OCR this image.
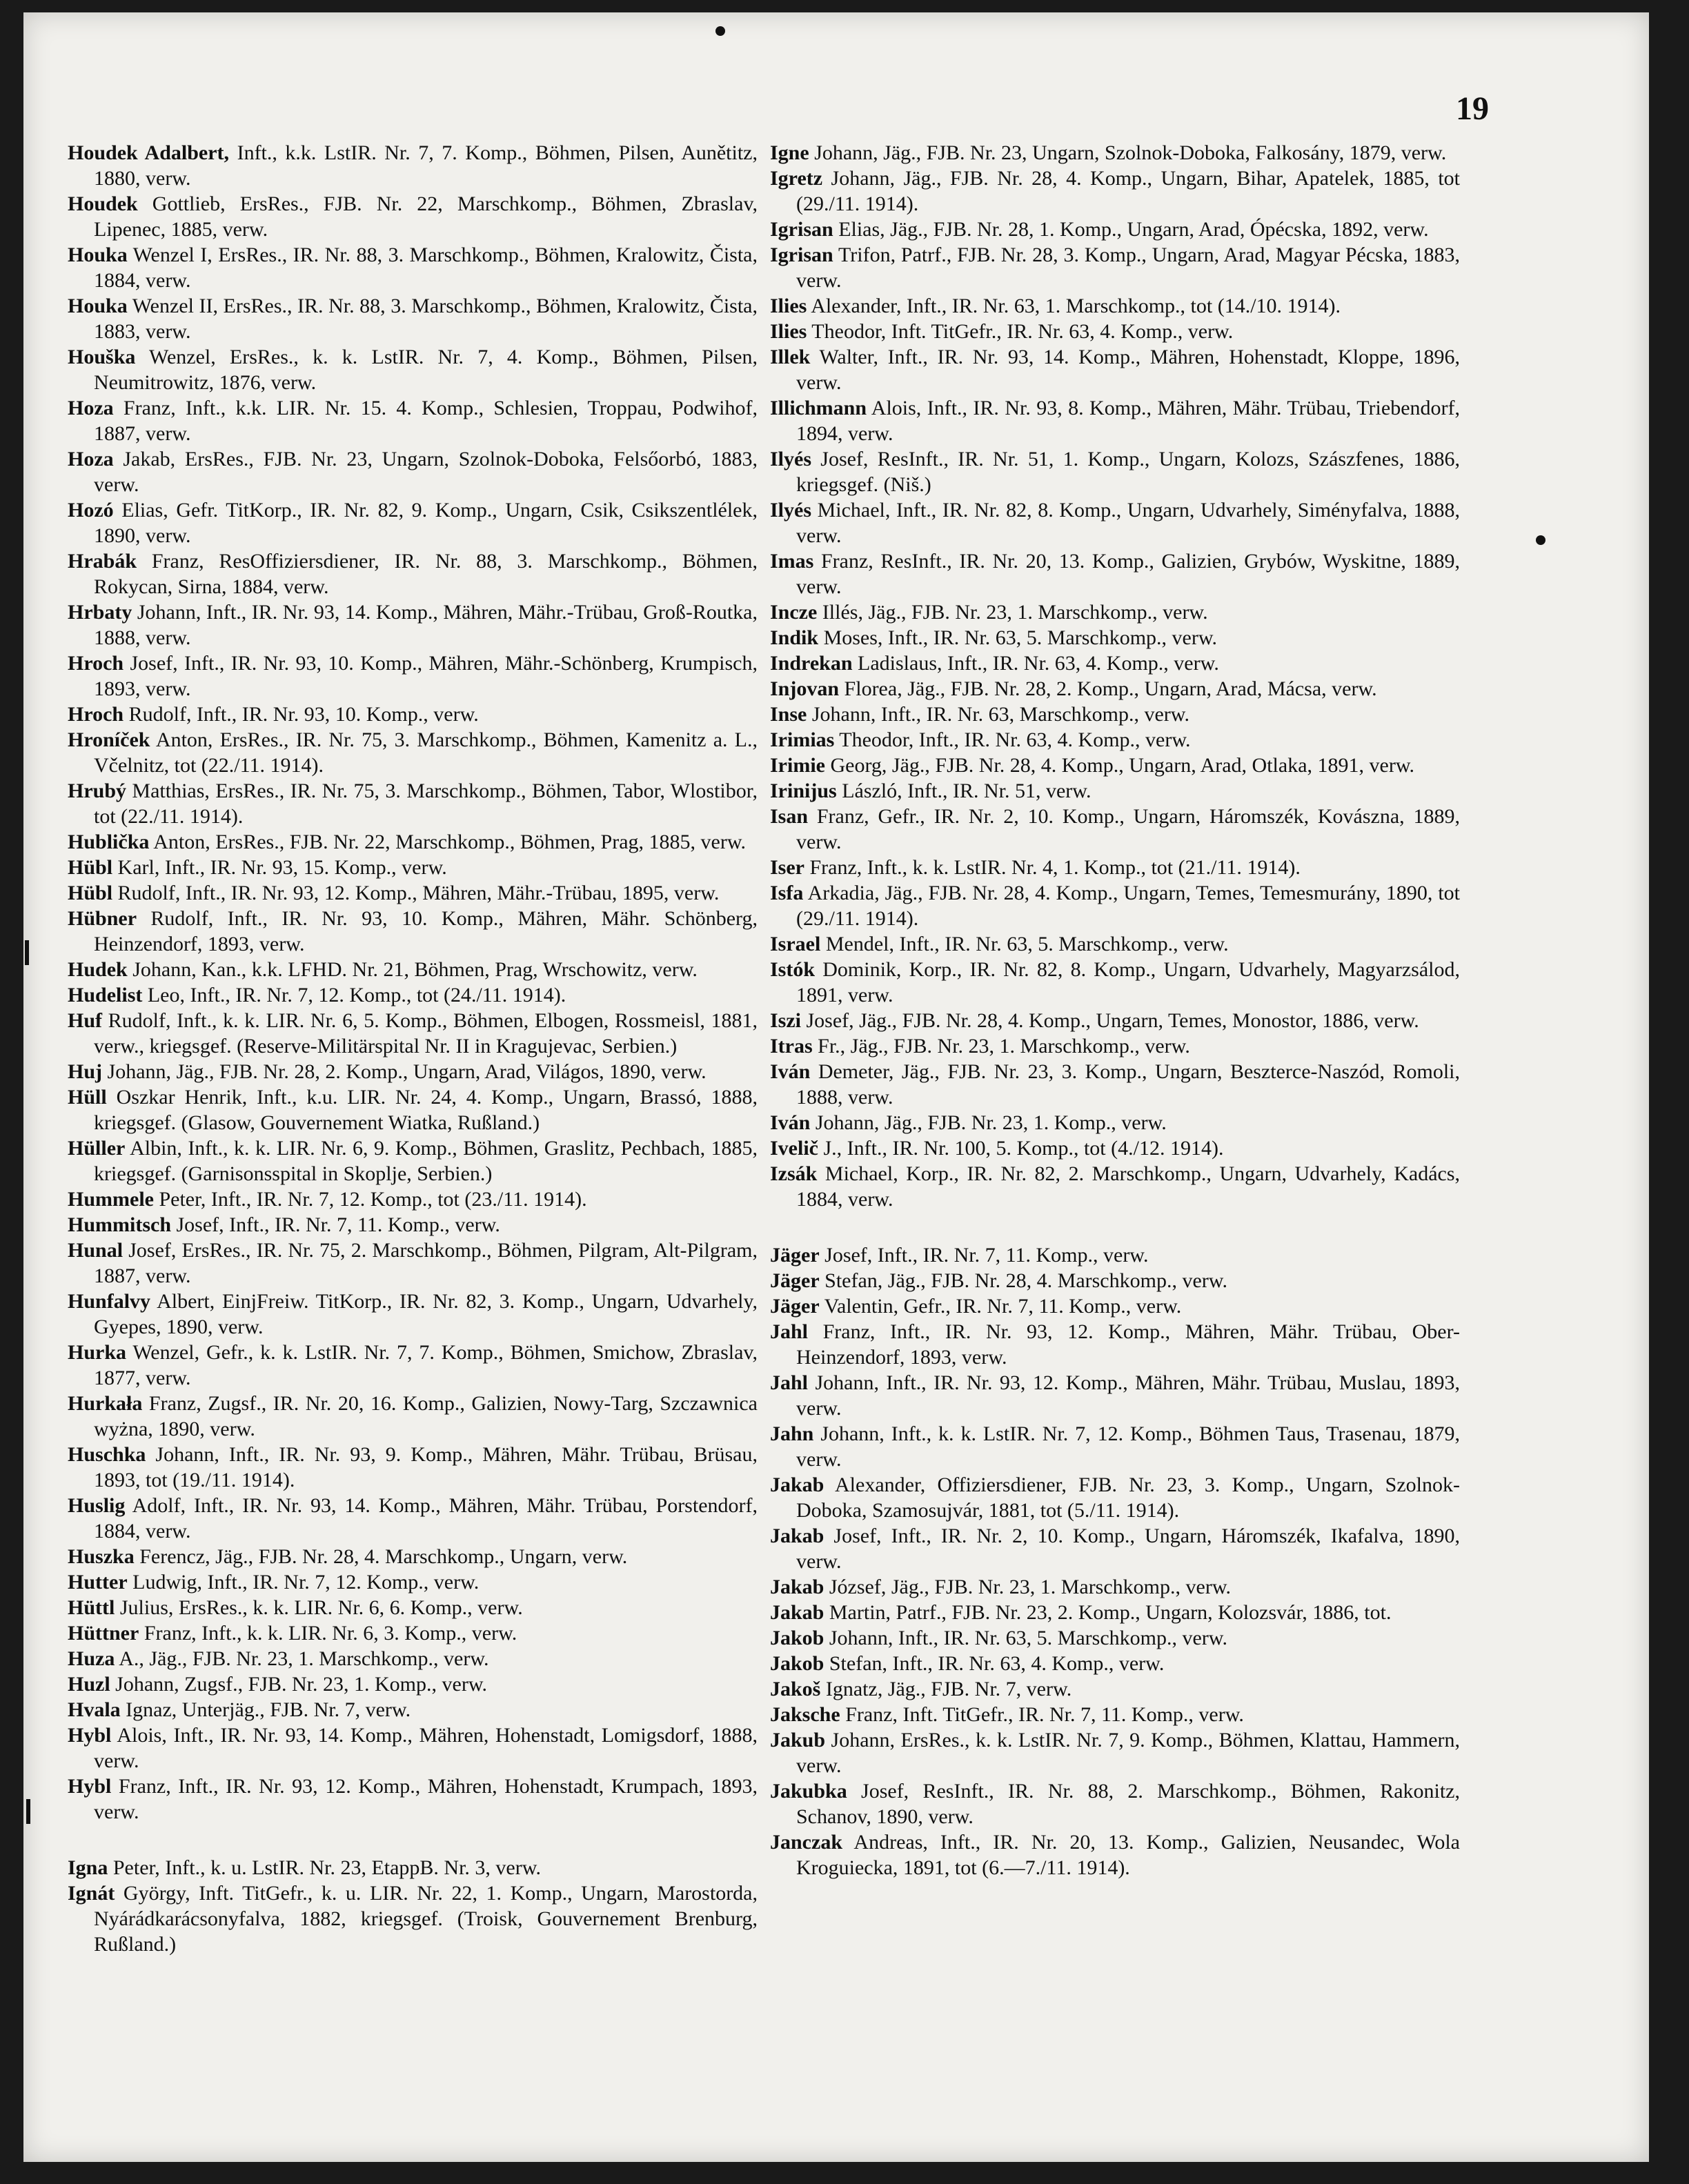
19

Houdek Adalbert, Inft., k.k. LstIR. Nr. 7, 7. Komp., Böhmen, Pilsen, Aunětitz, 1880, verw.

Houdek Gottlieb, ErsRes., FJB. Nr. 22, Marschkomp., Böhmen, Zbraslav, Lipenec, 1885, verw.

Houka Wenzel I, ErsRes., IR. Nr. 88, 3. Marschkomp., Böhmen, Kralowitz, Čista, 1884, verw.

Houka Wenzel II, ErsRes., IR. Nr. 88, 3. Marschkomp., Böhmen, Kralowitz, Čista, 1883, verw.

Houška Wenzel, ErsRes., k. k. LstIR. Nr. 7, 4. Komp., Böhmen, Pilsen, Neumitrowitz, 1876, verw.

Hoza Franz, Inft., k.k. LIR. Nr. 15. 4. Komp., Schlesien, Troppau, Podwihof, 1887, verw.

Hoza Jakab, ErsRes., FJB. Nr. 23, Ungarn, Szolnok-Doboka, Felsőorbó, 1883, verw.

Hozó Elias, Gefr. TitKorp., IR. Nr. 82, 9. Komp., Ungarn, Csik, Csikszentlélek, 1890, verw.

Hrabák Franz, ResOffiziersdiener, IR. Nr. 88, 3. Marschkomp., Böhmen, Rokycan, Sirna, 1884, verw.

Hrbaty Johann, Inft., IR. Nr. 93, 14. Komp., Mähren, Mähr.-Trübau, Groß-Routka, 1888, verw.

Hroch Josef, Inft., IR. Nr. 93, 10. Komp., Mähren, Mähr.-Schönberg, Krumpisch, 1893, verw.

Hroch Rudolf, Inft., IR. Nr. 93, 10. Komp., verw.

Hroníček Anton, ErsRes., IR. Nr. 75, 3. Marschkomp., Böhmen, Kamenitz a. L., Včelnitz, tot (22./11. 1914).

Hrubý Matthias, ErsRes., IR. Nr. 75, 3. Marschkomp., Böhmen, Tabor, Wlostibor, tot (22./11. 1914).

Hublička Anton, ErsRes., FJB. Nr. 22, Marschkomp., Böhmen, Prag, 1885, verw.

Hübl Karl, Inft., IR. Nr. 93, 15. Komp., verw.

Hübl Rudolf, Inft., IR. Nr. 93, 12. Komp., Mähren, Mähr.-Trübau, 1895, verw.

Hübner Rudolf, Inft., IR. Nr. 93, 10. Komp., Mähren, Mähr. Schönberg, Heinzendorf, 1893, verw.

Hudek Johann, Kan., k.k. LFHD. Nr. 21, Böhmen, Prag, Wrschowitz, verw.

Hudelist Leo, Inft., IR. Nr. 7, 12. Komp., tot (24./11. 1914).

Huf Rudolf, Inft., k. k. LIR. Nr. 6, 5. Komp., Böhmen, Elbogen, Rossmeisl, 1881, verw., kriegsgef. (Reserve-Militärspital Nr. II in Kragujevac, Serbien.)

Huj Johann, Jäg., FJB. Nr. 28, 2. Komp., Ungarn, Arad, Világos, 1890, verw.

Hüll Oszkar Henrik, Inft., k.u. LIR. Nr. 24, 4. Komp., Ungarn, Brassó, 1888, kriegsgef. (Glasow, Gouvernement Wiatka, Rußland.)

Hüller Albin, Inft., k. k. LIR. Nr. 6, 9. Komp., Böhmen, Graslitz, Pechbach, 1885, kriegsgef. (Garnisonsspital in Skoplje, Serbien.)

Hummele Peter, Inft., IR. Nr. 7, 12. Komp., tot (23./11. 1914).

Hummitsch Josef, Inft., IR. Nr. 7, 11. Komp., verw.

Hunal Josef, ErsRes., IR. Nr. 75, 2. Marschkomp., Böhmen, Pilgram, Alt-Pilgram, 1887, verw.

Hunfalvy Albert, EinjFreiw. TitKorp., IR. Nr. 82, 3. Komp., Ungarn, Udvarhely, Gyepes, 1890, verw.

Hurka Wenzel, Gefr., k. k. LstIR. Nr. 7, 7. Komp., Böhmen, Smichow, Zbraslav, 1877, verw.

Hurkała Franz, Zugsf., IR. Nr. 20, 16. Komp., Galizien, Nowy-Targ, Szczawnica wyżna, 1890, verw.

Huschka Johann, Inft., IR. Nr. 93, 9. Komp., Mähren, Mähr. Trübau, Brüsau, 1893, tot (19./11. 1914).

Huslig Adolf, Inft., IR. Nr. 93, 14. Komp., Mähren, Mähr. Trübau, Porstendorf, 1884, verw.

Huszka Ferencz, Jäg., FJB. Nr. 28, 4. Marschkomp., Ungarn, verw.

Hutter Ludwig, Inft., IR. Nr. 7, 12. Komp., verw.

Hüttl Julius, ErsRes., k. k. LIR. Nr. 6, 6. Komp., verw.

Hüttner Franz, Inft., k. k. LIR. Nr. 6, 3. Komp., verw.

Huza A., Jäg., FJB. Nr. 23, 1. Marschkomp., verw.

Huzl Johann, Zugsf., FJB. Nr. 23, 1. Komp., verw.

Hvala Ignaz, Unterjäg., FJB. Nr. 7, verw.

Hybl Alois, Inft., IR. Nr. 93, 14. Komp., Mähren, Hohenstadt, Lomigsdorf, 1888, verw.

Hybl Franz, Inft., IR. Nr. 93, 12. Komp., Mähren, Hohenstadt, Krumpach, 1893, verw.

Igna Peter, Inft., k. u. LstIR. Nr. 23, EtappB. Nr. 3, verw.

Ignát György, Inft. TitGefr., k. u. LIR. Nr. 22, 1. Komp., Ungarn, Marostorda, Nyárádkarácsonyfalva, 1882, kriegsgef. (Troisk, Gouvernement Brenburg, Rußland.)

Igne Johann, Jäg., FJB. Nr. 23, Ungarn, Szolnok-Doboka, Falkosány, 1879, verw.

Igretz Johann, Jäg., FJB. Nr. 28, 4. Komp., Ungarn, Bihar, Apatelek, 1885, tot (29./11. 1914).

Igrisan Elias, Jäg., FJB. Nr. 28, 1. Komp., Ungarn, Arad, Ópécska, 1892, verw.

Igrisan Trifon, Patrf., FJB. Nr. 28, 3. Komp., Ungarn, Arad, Magyar Pécska, 1883, verw.

Ilies Alexander, Inft., IR. Nr. 63, 1. Marschkomp., tot (14./10. 1914).

Ilies Theodor, Inft. TitGefr., IR. Nr. 63, 4. Komp., verw.

Illek Walter, Inft., IR. Nr. 93, 14. Komp., Mähren, Hohenstadt, Kloppe, 1896, verw.

Illichmann Alois, Inft., IR. Nr. 93, 8. Komp., Mähren, Mähr. Trübau, Triebendorf, 1894, verw.

Ilyés Josef, ResInft., IR. Nr. 51, 1. Komp., Ungarn, Kolozs, Szászfenes, 1886, kriegsgef. (Niš.)

Ilyés Michael, Inft., IR. Nr. 82, 8. Komp., Ungarn, Udvarhely, Siményfalva, 1888, verw.

Imas Franz, ResInft., IR. Nr. 20, 13. Komp., Galizien, Grybów, Wyskitne, 1889, verw.

Incze Illés, Jäg., FJB. Nr. 23, 1. Marschkomp., verw.

Indik Moses, Inft., IR. Nr. 63, 5. Marschkomp., verw.

Indrekan Ladislaus, Inft., IR. Nr. 63, 4. Komp., verw.

Injovan Florea, Jäg., FJB. Nr. 28, 2. Komp., Ungarn, Arad, Mácsa, verw.

Inse Johann, Inft., IR. Nr. 63, Marschkomp., verw.

Irimias Theodor, Inft., IR. Nr. 63, 4. Komp., verw.

Irimie Georg, Jäg., FJB. Nr. 28, 4. Komp., Ungarn, Arad, Otlaka, 1891, verw.

Irinijus László, Inft., IR. Nr. 51, verw.

Isan Franz, Gefr., IR. Nr. 2, 10. Komp., Ungarn, Háromszék, Kovászna, 1889, verw.

Iser Franz, Inft., k. k. LstIR. Nr. 4, 1. Komp., tot (21./11. 1914).

Isfa Arkadia, Jäg., FJB. Nr. 28, 4. Komp., Ungarn, Temes, Temesmurány, 1890, tot (29./11. 1914).

Israel Mendel, Inft., IR. Nr. 63, 5. Marschkomp., verw.

Istók Dominik, Korp., IR. Nr. 82, 8. Komp., Ungarn, Udvarhely, Magyarzsálod, 1891, verw.

Iszi Josef, Jäg., FJB. Nr. 28, 4. Komp., Ungarn, Temes, Monostor, 1886, verw.

Itras Fr., Jäg., FJB. Nr. 23, 1. Marschkomp., verw.

Iván Demeter, Jäg., FJB. Nr. 23, 3. Komp., Ungarn, Beszterce-Naszód, Romoli, 1888, verw.

Iván Johann, Jäg., FJB. Nr. 23, 1. Komp., verw.

Ivelič J., Inft., IR. Nr. 100, 5. Komp., tot (4./12. 1914).

Izsák Michael, Korp., IR. Nr. 82, 2. Marschkomp., Ungarn, Udvarhely, Kadács, 1884, verw.

Jäger Josef, Inft., IR. Nr. 7, 11. Komp., verw.

Jäger Stefan, Jäg., FJB. Nr. 28, 4. Marschkomp., verw.

Jäger Valentin, Gefr., IR. Nr. 7, 11. Komp., verw.

Jahl Franz, Inft., IR. Nr. 93, 12. Komp., Mähren, Mähr. Trübau, Ober-Heinzendorf, 1893, verw.

Jahl Johann, Inft., IR. Nr. 93, 12. Komp., Mähren, Mähr. Trübau, Muslau, 1893, verw.

Jahn Johann, Inft., k. k. LstIR. Nr. 7, 12. Komp., Böhmen Taus, Trasenau, 1879, verw.

Jakab Alexander, Offiziersdiener, FJB. Nr. 23, 3. Komp., Ungarn, Szolnok-Doboka, Szamosujvár, 1881, tot (5./11. 1914).

Jakab Josef, Inft., IR. Nr. 2, 10. Komp., Ungarn, Háromszék, Ikafalva, 1890, verw.

Jakab József, Jäg., FJB. Nr. 23, 1. Marschkomp., verw.

Jakab Martin, Patrf., FJB. Nr. 23, 2. Komp., Ungarn, Kolozsvár, 1886, tot.

Jakob Johann, Inft., IR. Nr. 63, 5. Marschkomp., verw.

Jakob Stefan, Inft., IR. Nr. 63, 4. Komp., verw.

Jakoš Ignatz, Jäg., FJB. Nr. 7, verw.

Jaksche Franz, Inft. TitGefr., IR. Nr. 7, 11. Komp., verw.

Jakub Johann, ErsRes., k. k. LstIR. Nr. 7, 9. Komp., Böhmen, Klattau, Hammern, verw.

Jakubka Josef, ResInft., IR. Nr. 88, 2. Marschkomp., Böhmen, Rakonitz, Schanov, 1890, verw.

Janczak Andreas, Inft., IR. Nr. 20, 13. Komp., Galizien, Neusandec, Wola Kroguiecka, 1891, tot (6.—7./11. 1914).
